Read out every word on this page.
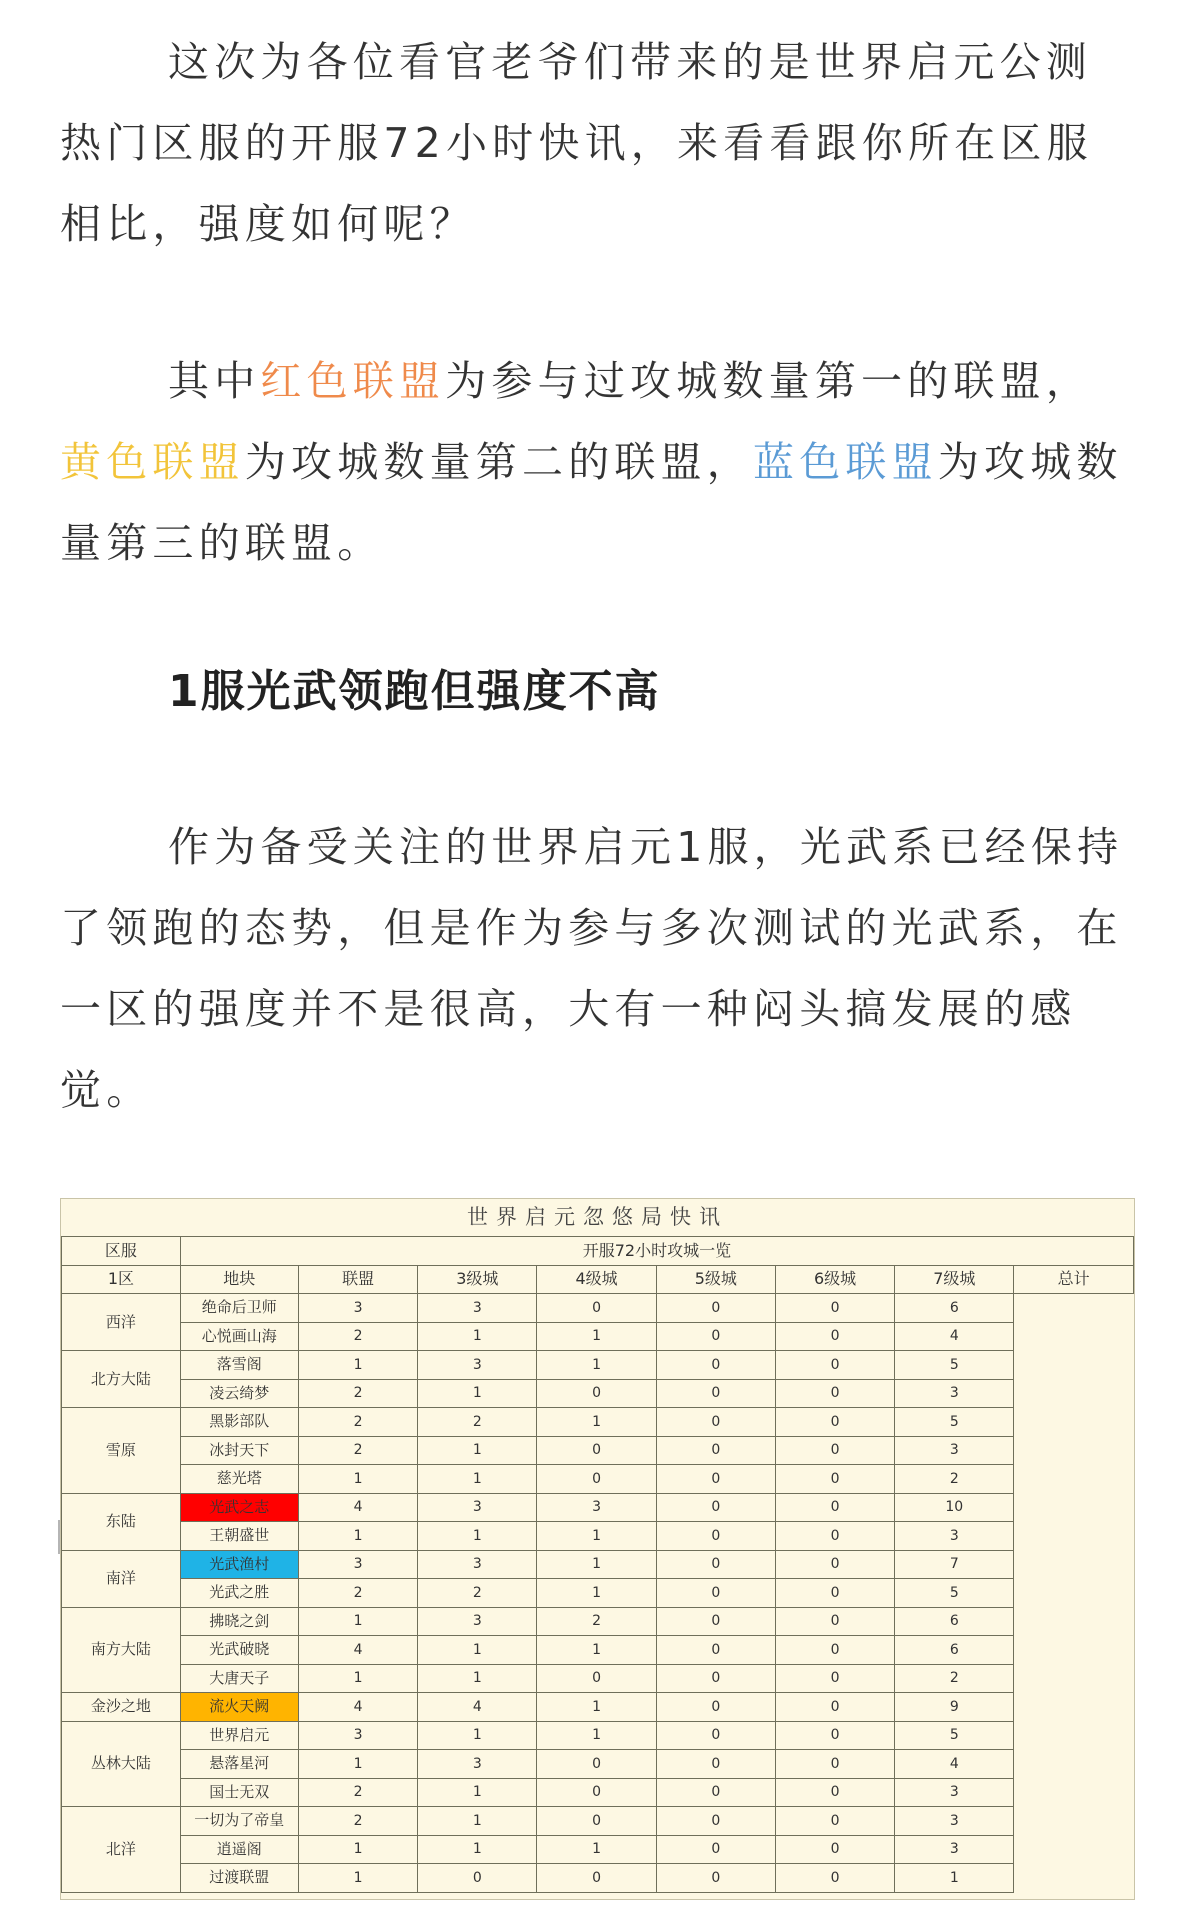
这次为各位看官老爷们带来的是世界启元公测热门区服的开服72小时快讯，来看看跟你所在区服相比，强度如何呢？

其中红色联盟为参与过攻城数量第一的联盟，黄色联盟为攻城数量第二的联盟，蓝色联盟为攻城数量第三的联盟。

1服光武领跑但强度不高

作为备受关注的世界启元1服，光武系已经保持了领跑的态势，但是作为参与多次测试的光武系，在一区的强度并不是很高，大有一种闷头搞发展的感觉。

世界启元忽悠局快讯
区服	开服72小时攻城一览							
1区	地块	联盟	3级城	4级城	5级城	6级城	7级城	总计
西洋	绝命后卫师	3	3	0	0	0	6	
	心悦画山海	2	1	1	0	0	4	
北方大陆	落雪阁	1	3	1	0	0	5	
	凌云绮梦	2	1	0	0	0	3	
雪原	黑影部队	2	2	1	0	0	5	
	冰封天下	2	1	0	0	0	3	
	慈光塔	1	1	0	0	0	2	
东陆	光武之志	4	3	3	0	0	10	
	王朝盛世	1	1	1	0	0	3	
南洋	光武渔村	3	3	1	0	0	7	
	光武之胜	2	2	1	0	0	5	
南方大陆	拂晓之剑	1	3	2	0	0	6	
	光武破晓	4	1	1	0	0	6	
	大唐天子	1	1	0	0	0	2	
金沙之地	流火天阙	4	4	1	0	0	9	
丛林大陆	世界启元	3	1	1	0	0	5	
	悬落星河	1	3	0	0	0	4	
	国士无双	2	1	0	0	0	3	
北洋	一切为了帝皇	2	1	0	0	0	3	
	逍遥阁	1	1	1	0	0	3	
	过渡联盟	1	0	0	0	0	1	
